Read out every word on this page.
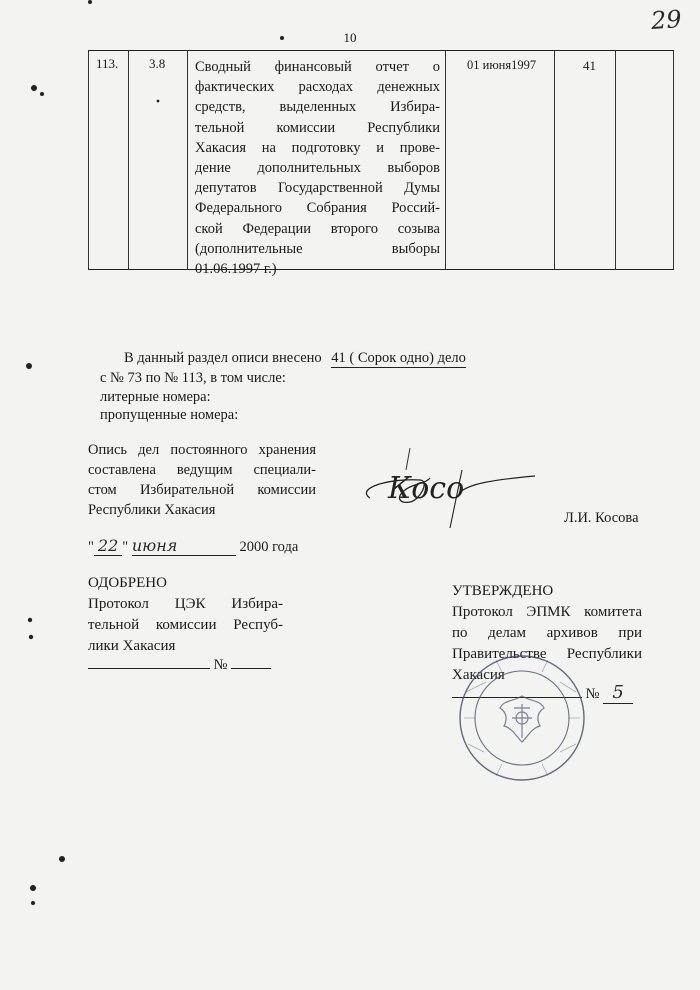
10
29
113. 3.8 Сводный финансовый отчет о
фактических расходах денежных
средств, выделенных Избира-
тельной комиссии Республики
Хакасия на подготовку и прове-
дение дополнительных выборов
депутатов Государственной Думы
Федерального Собрания Россий-
ской Федерации второго созыва
(дополнительные выборы
01.06.1997 г.)
01 июня1997	41
В данный раздел описи внесено 41 ( Сорок одно) дело
с № 73 по № 113, в том числе:
литерные номера:
пропущенные номера:
Опись дел постоянного хранения
составлена ведущим специали-
стом Избирательной комиссии
Республики Хакасия
Косо
Л.И. Косова
" 22 " июня	2000 года
ОДОБРЕНО
Протокол ЦЭК Избира-
тельной комиссии Респуб-
лики Хакасия
№
УТВЕРЖДЕНО
Протокол ЭПМК комитета
по делам архивов при
Правительстве Республики
Хакасия
№ 5
